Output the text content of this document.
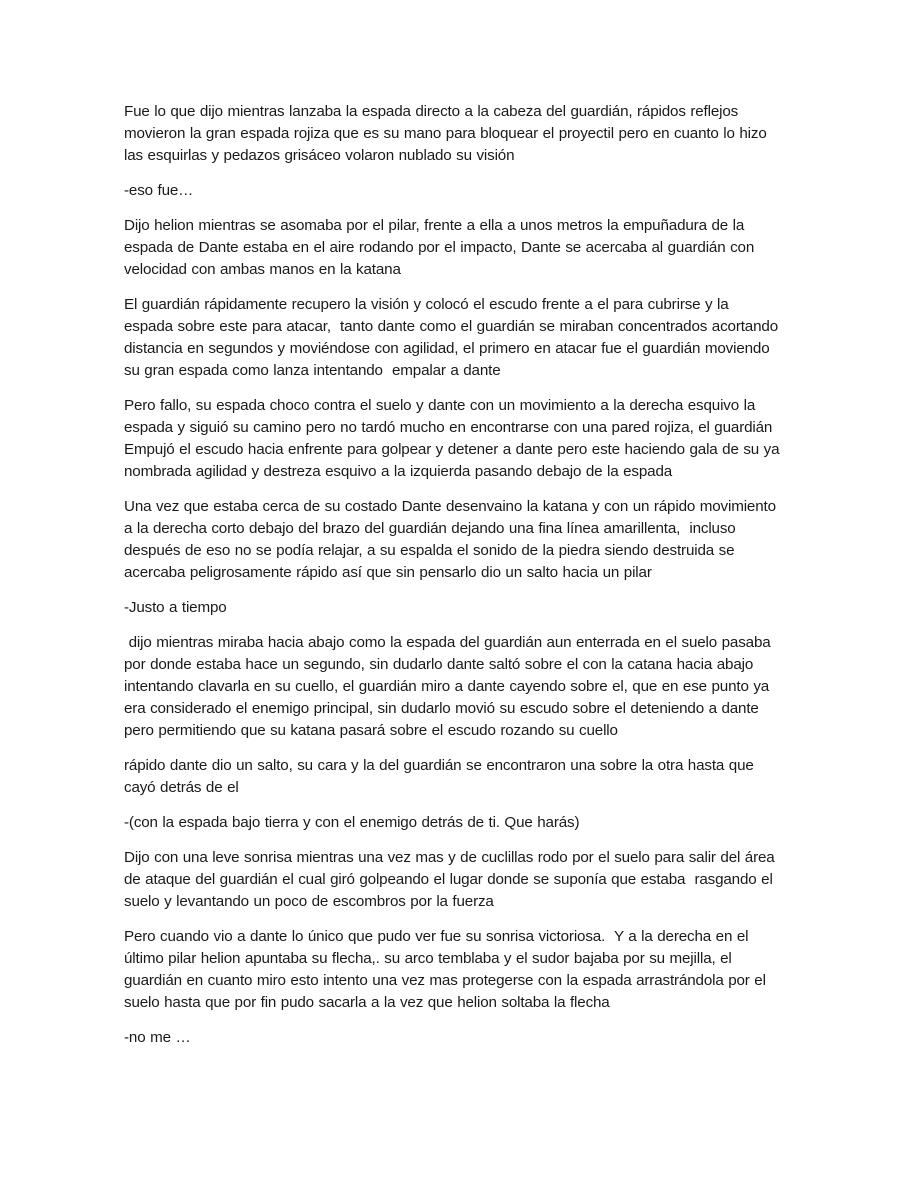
Fue lo que dijo mientras lanzaba la espada directo a la cabeza del guardián, rápidos reflejos movieron la gran espada rojiza que es su mano para bloquear el proyectil pero en cuanto lo hizo las esquirlas y pedazos grisáceo volaron nublado su visión

-eso fue…

Dijo helion mientras se asomaba por el pilar, frente a ella a unos metros la empuñadura de la espada de Dante estaba en el aire rodando por el impacto, Dante se acercaba al guardián con velocidad con ambas manos en la katana

El guardián rápidamente recupero la visión y colocó el escudo frente a el para cubrirse y la espada sobre este para atacar,  tanto dante como el guardián se miraban concentrados acortando distancia en segundos y moviéndose con agilidad, el primero en atacar fue el guardián moviendo su gran espada como lanza intentando  empalar a dante

Pero fallo, su espada choco contra el suelo y dante con un movimiento a la derecha esquivo la espada y siguió su camino pero no tardó mucho en encontrarse con una pared rojiza, el guardián Empujó el escudo hacia enfrente para golpear y detener a dante pero este haciendo gala de su ya nombrada agilidad y destreza esquivo a la izquierda pasando debajo de la espada

Una vez que estaba cerca de su costado Dante desenvaino la katana y con un rápido movimiento a la derecha corto debajo del brazo del guardián dejando una fina línea amarillenta,  incluso después de eso no se podía relajar, a su espalda el sonido de la piedra siendo destruida se acercaba peligrosamente rápido así que sin pensarlo dio un salto hacia un pilar

-Justo a tiempo

dijo mientras miraba hacia abajo como la espada del guardián aun enterrada en el suelo pasaba por donde estaba hace un segundo, sin dudarlo dante saltó sobre el con la catana hacia abajo intentando clavarla en su cuello, el guardián miro a dante cayendo sobre el, que en ese punto ya era considerado el enemigo principal, sin dudarlo movió su escudo sobre el deteniendo a dante pero permitiendo que su katana pasará sobre el escudo rozando su cuello

rápido dante dio un salto, su cara y la del guardián se encontraron una sobre la otra hasta que cayó detrás de el

-(con la espada bajo tierra y con el enemigo detrás de ti. Que harás)

Dijo con una leve sonrisa mientras una vez mas y de cuclillas rodo por el suelo para salir del área de ataque del guardián el cual giró golpeando el lugar donde se suponía que estaba  rasgando el suelo y levantando un poco de escombros por la fuerza

Pero cuando vio a dante lo único que pudo ver fue su sonrisa victoriosa.  Y a la derecha en el último pilar helion apuntaba su flecha,. su arco temblaba y el sudor bajaba por su mejilla, el guardián en cuanto miro esto intento una vez mas protegerse con la espada arrastrándola por el suelo hasta que por fin pudo sacarla a la vez que helion soltaba la flecha

-no me …
